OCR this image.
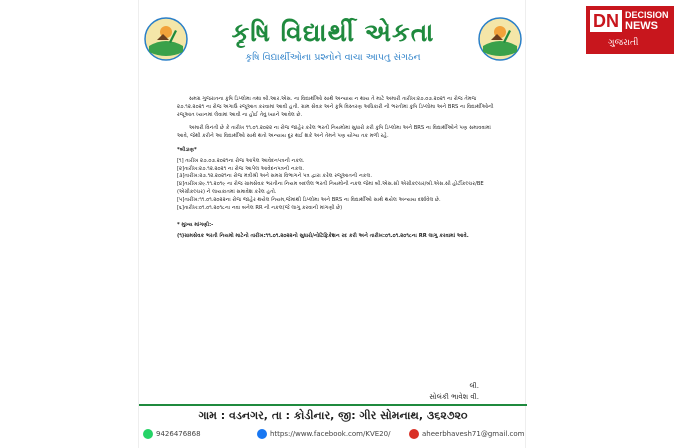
કૃષિ વિદ્યાર્થી એકતા
કૃષિ વિદ્યાર્થીઓના પ્રશ્નોને વાચા આપતુ સંગઠન

સમગ્ર ગુજરાતના કૃષિ ડિપ્લોમા તથા બી.આર.એસ. ના વિદ્યાર્થીઓ સાથે અન્યાય ન થાય તે માટે અમારી તારીખ:૨૭.૦૭.૨૦૨૧ ના રોજ તેમજ ૨૭.૧૨.૨૦૨૧ ના રોજ અગાઉ રજૂઆત કરવામાં આવી હતી. ગ્રામ સેવક અને કૃષિ વિસ્તરણ અધિકારી ની ભરતીમાં કૃષિ ડિપ્લોમા અને BRS ના વિદ્યાર્થીઓની રજૂઆત ધ્યાનમાં લેવામાં આવી ના હોઈ તેવું ધ્યાને આવેલ છે.

અમારી વિનંતી છે કે તારીખ ૧૧.૦૧.૨૦૨૨ ના રોજ જાહેર કરેલ ભરતી નિયમોમાં સુધારો કરી કૃષિ ડિપ્લોમા અને BRS ના વિદ્યાર્થીઓને પણ સમાવવામાં આવે, જેથી કરીને આ વિદ્યાર્થીઓ સાથે થતો અન્યાય દૂર થઈ શકે અને તેમને પણ યોગ્ય તક મળી રહે.

*બીડાણ*

[૧] તારીખ ૨૭.૦૭.૨૦૨૧ના રોજ આપેલ આવેદનપત્રની નકલ.

[૨]તારીખ:૨૭.૧૨.૨૦૨૧ ના રોજ આપેલ આવેદનપત્રની નકલ.

[૩]તારીખ:૨૭.૧૨.૨૦૨૧ના રોજ મંત્રીશ્રી અને સમગ્ર વિભાગને પત્ર દ્વારા કરેલ રજૂઆતની નકલ.

[૪]તારીખ:૨૯.૧૧.૨૦૧૯ ના રોજ ગ્રામસેવક ભરતીના નિયમ બદલેલ ભરતી નિયમોની નકલ જેમાં બી.એસ.સી એગ્રીકલ્ચર/બી.એસ.સી હોર્ટીકલ્ચર/BE (એગ્રીકલ્ચર) ને લાયકાતમાં સમાવેશ કરેલ હતો.

[૫]તારીખ:૧૧.૦૧.૨૦૨૨ના રોજ જાહેર થયેલ નિયમ,જેમાંથી ડિપ્લોમા અને BRS ના વિદ્યાર્થીઓ સાથે થયેલ અન્યાય દર્શાવેલ છે.

[૬]તારીખ:૦૧.૦૧.૨૦૧૮ના નવા બનેલ RR ની નકલ(જે લાગુ કરવાની માંગણી છે)

* મુખ્ય માંગણી:-

(૧)ગ્રામસેવક ભરતી નિયમો માટેનો તારીખ:૧૧.૦૧.૨૦૨૨નો સુધારો/નોટિફિકેશન રદ કરી અને તારીખ:૦૧.૦૧.૨૦૧૮ના RR લાગુ કરવામાં આવે.

લી.
સોલંકી ભાવેશ વી.
ગામ : વડનગર, તા : કોડીનાર, જી: ગીર સોમનાથ, ૩૬૨૭૨૦
9426476868	https://www.facebook.com/KVE20/	aheerbhavesh71@gmail.com
DN DECISION
NEWS
ગુજરાતી
